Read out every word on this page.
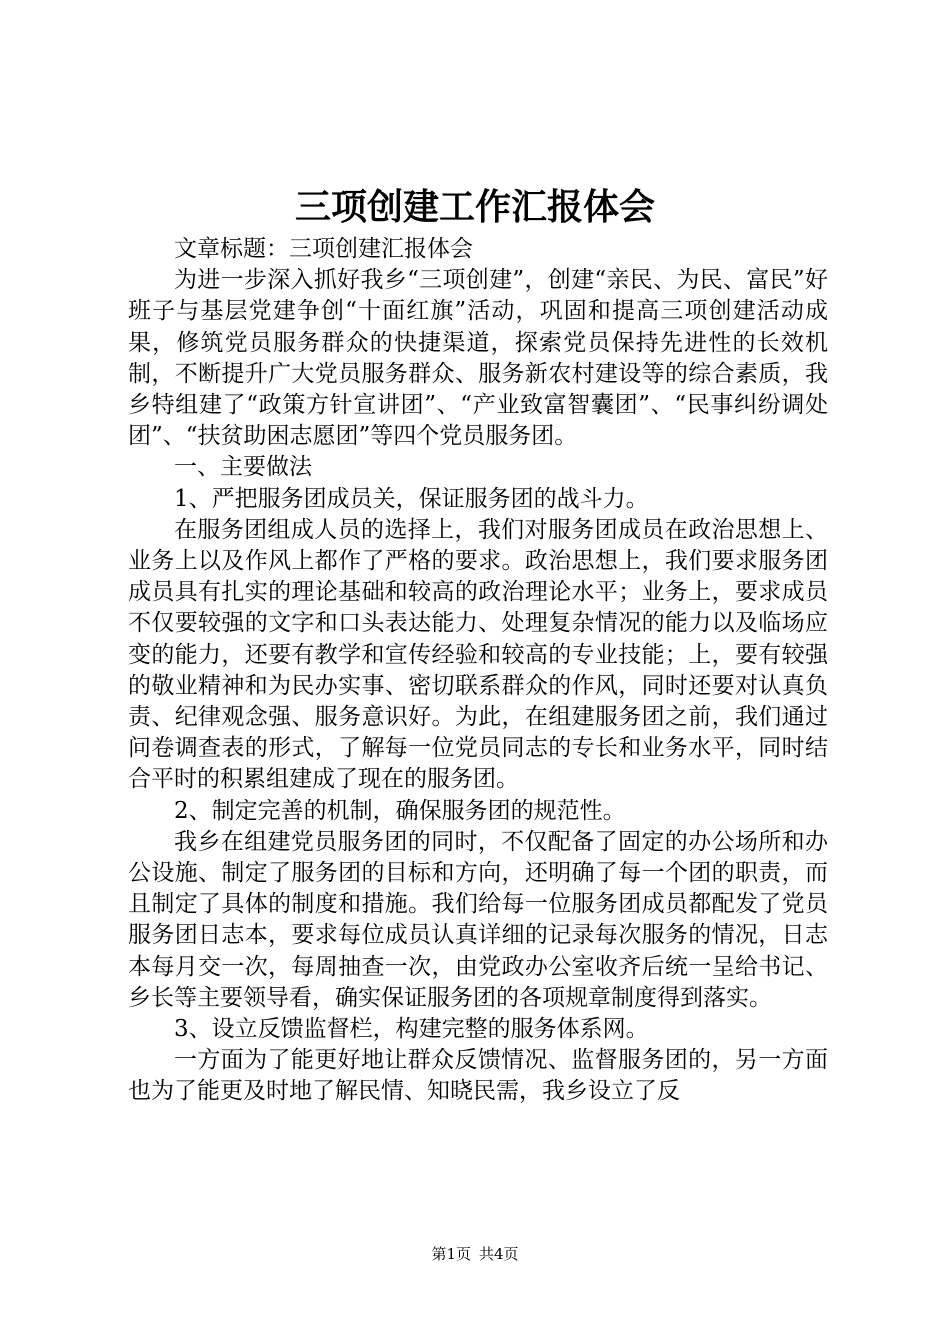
三项创建工作汇报体会

文章标题：三项创建汇报体会

为进一步深入抓好我乡“三项创建”，创建“亲民、为民、富民”好班子与基层党建争创“十面红旗”活动，巩固和提高三项创建活动成果，修筑党员服务群众的快捷渠道，探索党员保持先进性的长效机制，不断提升广大党员服务群众、服务新农村建设等的综合素质，我乡特组建了“政策方针宣讲团”、“产业致富智囊团”、“民事纠纷调处团”、“扶贫助困志愿团”等四个党员服务团。

一、主要做法

1、严把服务团成员关，保证服务团的战斗力。

在服务团组成人员的选择上，我们对服务团成员在政治思想上、业务上以及作风上都作了严格的要求。政治思想上，我们要求服务团成员具有扎实的理论基础和较高的政治理论水平；业务上，要求成员不仅要较强的文字和口头表达能力、处理复杂情况的能力以及临场应变的能力，还要有教学和宣传经验和较高的专业技能；上，要有较强的敬业精神和为民办实事、密切联系群众的作风，同时还要对认真负责、纪律观念强、服务意识好。为此，在组建服务团之前，我们通过问卷调查表的形式，了解每一位党员同志的专长和业务水平，同时结合平时的积累组建成了现在的服务团。

2、制定完善的机制，确保服务团的规范性。

我乡在组建党员服务团的同时，不仅配备了固定的办公场所和办公设施、制定了服务团的目标和方向，还明确了每一个团的职责，而且制定了具体的制度和措施。我们给每一位服务团成员都配发了党员服务团日志本，要求每位成员认真详细的记录每次服务的情况，日志本每月交一次，每周抽查一次，由党政办公室收齐后统一呈给书记、乡长等主要领导看，确实保证服务团的各项规章制度得到落实。

3、设立反馈监督栏，构建完整的服务体系网。

一方面为了能更好地让群众反馈情况、监督服务团的，另一方面也为了能更及时地了解民情、知晓民需，我乡设立了反

第1页 共4页
